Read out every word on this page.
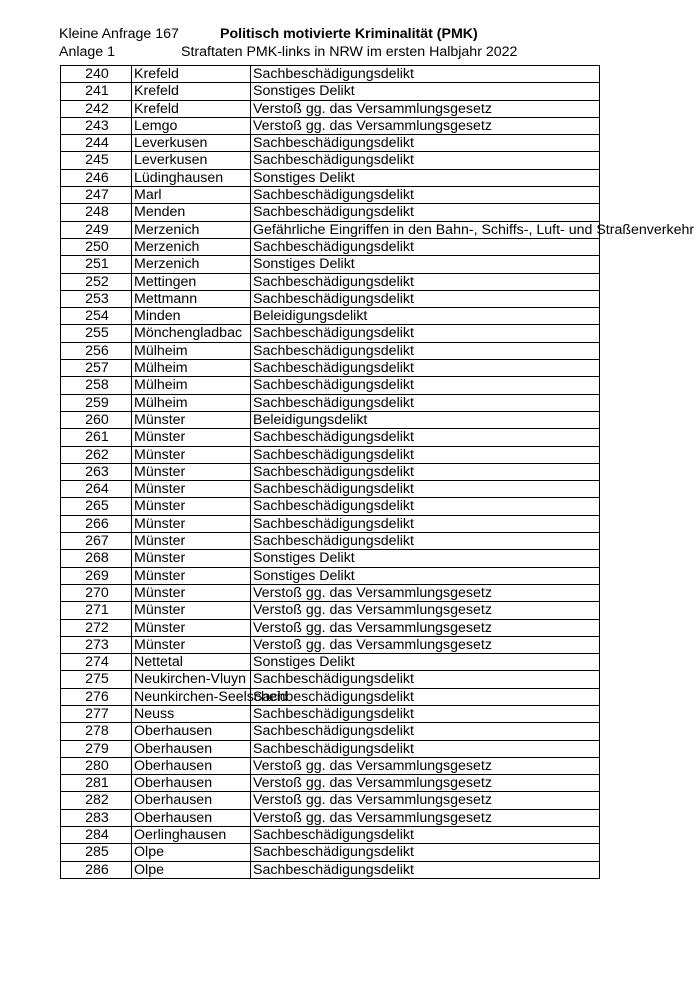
Kleine Anfrage 167
Anlage 1
Politisch motivierte Kriminalität (PMK)
Straftaten PMK-links in NRW im ersten Halbjahr 2022
240	Krefeld	Sachbeschädigungsdelikt
241	Krefeld	Sonstiges Delikt
242	Krefeld	Verstoß gg. das Versammlungsgesetz
243	Lemgo	Verstoß gg. das Versammlungsgesetz
244	Leverkusen	Sachbeschädigungsdelikt
245	Leverkusen	Sachbeschädigungsdelikt
246	Lüdinghausen	Sonstiges Delikt
247	Marl	Sachbeschädigungsdelikt
248	Menden	Sachbeschädigungsdelikt
249	Merzenich	Gefährliche Eingriffen in den Bahn-, Schiffs-, Luft- und Straßenverkehr
250	Merzenich	Sachbeschädigungsdelikt
251	Merzenich	Sonstiges Delikt
252	Mettingen	Sachbeschädigungsdelikt
253	Mettmann	Sachbeschädigungsdelikt
254	Minden	Beleidigungsdelikt
255	Mönchengladbac	Sachbeschädigungsdelikt
256	Mülheim	Sachbeschädigungsdelikt
257	Mülheim	Sachbeschädigungsdelikt
258	Mülheim	Sachbeschädigungsdelikt
259	Mülheim	Sachbeschädigungsdelikt
260	Münster	Beleidigungsdelikt
261	Münster	Sachbeschädigungsdelikt
262	Münster	Sachbeschädigungsdelikt
263	Münster	Sachbeschädigungsdelikt
264	Münster	Sachbeschädigungsdelikt
265	Münster	Sachbeschädigungsdelikt
266	Münster	Sachbeschädigungsdelikt
267	Münster	Sachbeschädigungsdelikt
268	Münster	Sonstiges Delikt
269	Münster	Sonstiges Delikt
270	Münster	Verstoß gg. das Versammlungsgesetz
271	Münster	Verstoß gg. das Versammlungsgesetz
272	Münster	Verstoß gg. das Versammlungsgesetz
273	Münster	Verstoß gg. das Versammlungsgesetz
274	Nettetal	Sonstiges Delikt
275	Neukirchen-Vluyn	Sachbeschädigungsdelikt
276	Neunkirchen-Seelscheid	Sachbeschädigungsdelikt
277	Neuss	Sachbeschädigungsdelikt
278	Oberhausen	Sachbeschädigungsdelikt
279	Oberhausen	Sachbeschädigungsdelikt
280	Oberhausen	Verstoß gg. das Versammlungsgesetz
281	Oberhausen	Verstoß gg. das Versammlungsgesetz
282	Oberhausen	Verstoß gg. das Versammlungsgesetz
283	Oberhausen	Verstoß gg. das Versammlungsgesetz
284	Oerlinghausen	Sachbeschädigungsdelikt
285	Olpe	Sachbeschädigungsdelikt
286	Olpe	Sachbeschädigungsdelikt
